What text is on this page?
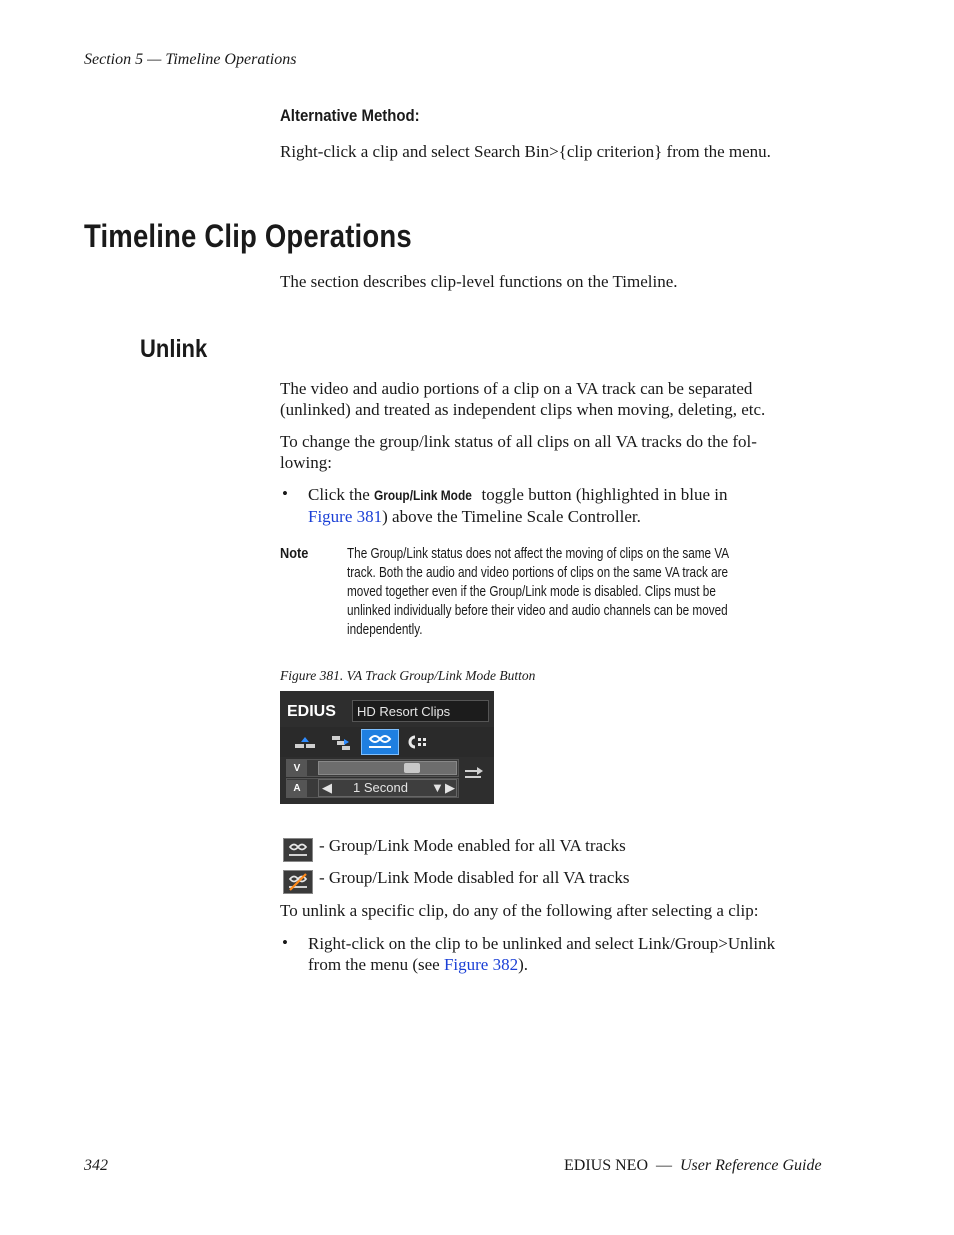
Section 5 — Timeline Operations
Alternative Method:
Right-click a clip and select Search Bin>{clip criterion} from the menu.
Timeline Clip Operations
The section describes clip-level functions on the Timeline.
Unlink
The video and audio portions of a clip on a VA track can be separated
(unlinked) and treated as independent clips when moving, deleting, etc.
To change the group/link status of all clips on all VA tracks do the fol-
lowing:
• Click the Group/Link Mode toggle button (highlighted in blue in
Figure 381) above the Timeline Scale Controller.
Note	The Group/Link status does not affect the moving of clips on the same VA
track. Both the audio and video portions of clips on the same VA track are
moved together even if the Group/Link mode is disabled. Clips must be
unlinked individually before their video and audio channels can be moved
independently.
Figure 381. VA Track Group/Link Mode Button
EDIUS	HD Resort Clips
V
A	◀ 1 Second ▼ ▶
- Group/Link Mode enabled for all VA tracks
- Group/Link Mode disabled for all VA tracks
To unlink a specific clip, do any of the following after selecting a clip:
• Right-click on the clip to be unlinked and select Link/Group>Unlink
from the menu (see Figure 382).
342	EDIUS NEO — User Reference Guide
